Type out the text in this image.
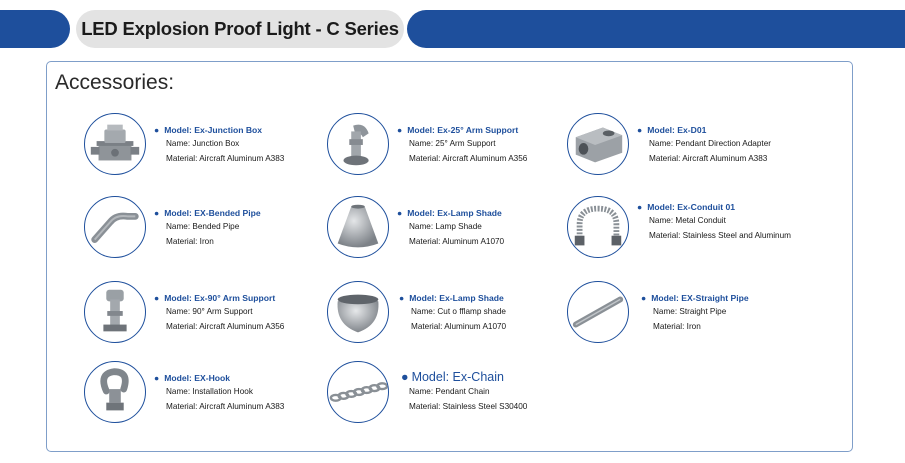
LED Explosion Proof Light - C Series
Accessories:
● Model: Ex-Junction Box
Name: Junction Box
Material: Aircraft Aluminum A383
● Model: Ex-25° Arm Support
Name: 25° Arm Support
Material: Aircraft Aluminum A356
● Model: Ex-D01
Name: Pendant Direction Adapter
Material: Aircraft Aluminum A383
● Model: EX-Bended Pipe
Name: Bended Pipe
Material: Iron
● Model: Ex-Lamp Shade
Name: Lamp Shade
Material: Aluminum A1070
● Model: Ex-Conduit 01
Name: Metal Conduit
Material: Stainless Steel and Aluminum
● Model: Ex-90° Arm Support
Name: 90° Arm Support
Material: Aircraft Aluminum A356
● Model: Ex-Lamp Shade
Name: Cut o fflamp shade
Material: Aluminum A1070
● Model: EX-Straight Pipe
Name: Straight Pipe
Material: Iron
● Model: EX-Hook
Name: Installation Hook
Material: Aircraft Aluminum A383
● Model: Ex-Chain
Name: Pendant Chain
Material: Stainless Steel S30400
